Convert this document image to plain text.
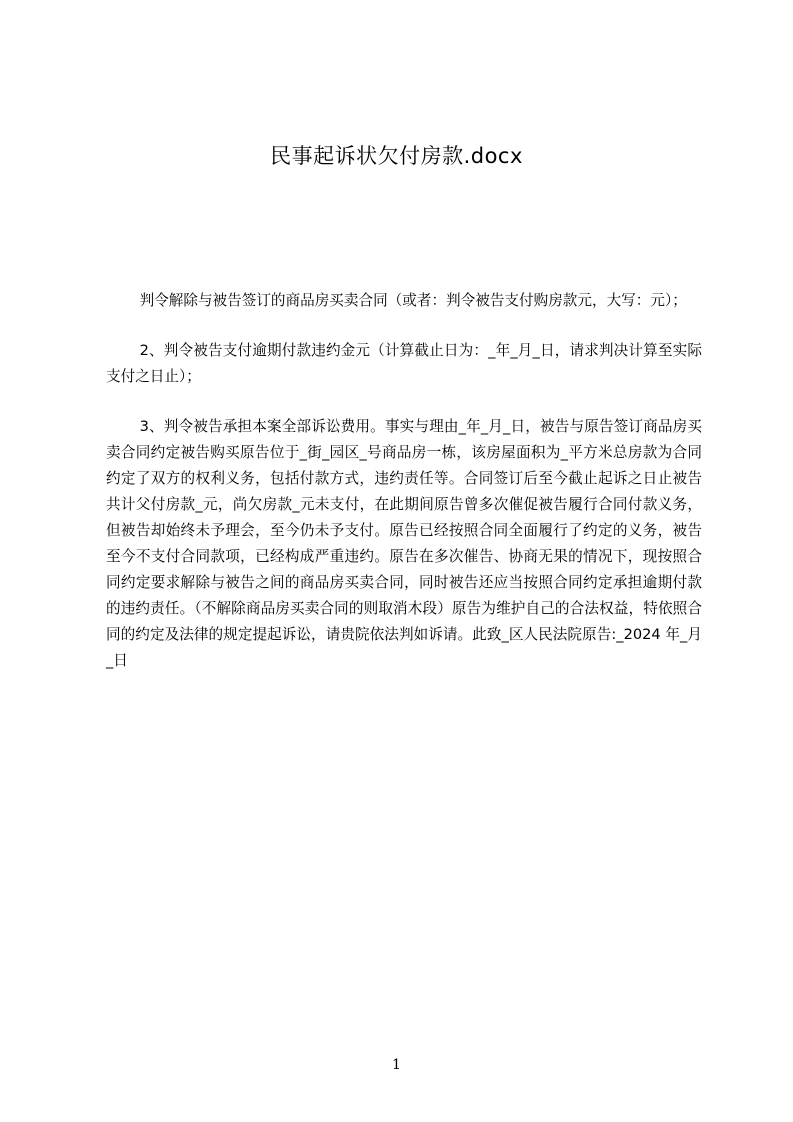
民事起诉状欠付房款.docx

判令解除与被告签订的商品房买卖合同（或者：判令被告支付购房款元，大写：元）；

2、判令被告支付逾期付款违约金元（计算截止日为：_年_月_日，请求判决计算至实际支付之日止）；

3、判令被告承担本案全部诉讼费用。事实与理由_年_月_日，被告与原告签订商品房买卖合同约定被告购买原告位于_街_园区_号商品房一栋，该房屋面积为_平方米总房款为合同约定了双方的权利义务，包括付款方式，违约责任等。合同签订后至今截止起诉之日止被告共计父付房款_元，尚欠房款_元未支付，在此期间原告曾多次催促被告履行合同付款义务，但被告却始终未予理会，至今仍未予支付。原告已经按照合同全面履行了约定的义务，被告至今不支付合同款项，已经构成严重违约。原告在多次催告、协商无果的情况下，现按照合同约定要求解除与被告之间的商品房买卖合同，同时被告还应当按照合同约定承担逾期付款的违约责任。（不解除商品房买卖合同的则取消木段）原告为维护自己的合法权益，特依照合同的约定及法律的规定提起诉讼，请贵院依法判如诉请。此致_区人民法院原告:_2024 年_月_日

1
